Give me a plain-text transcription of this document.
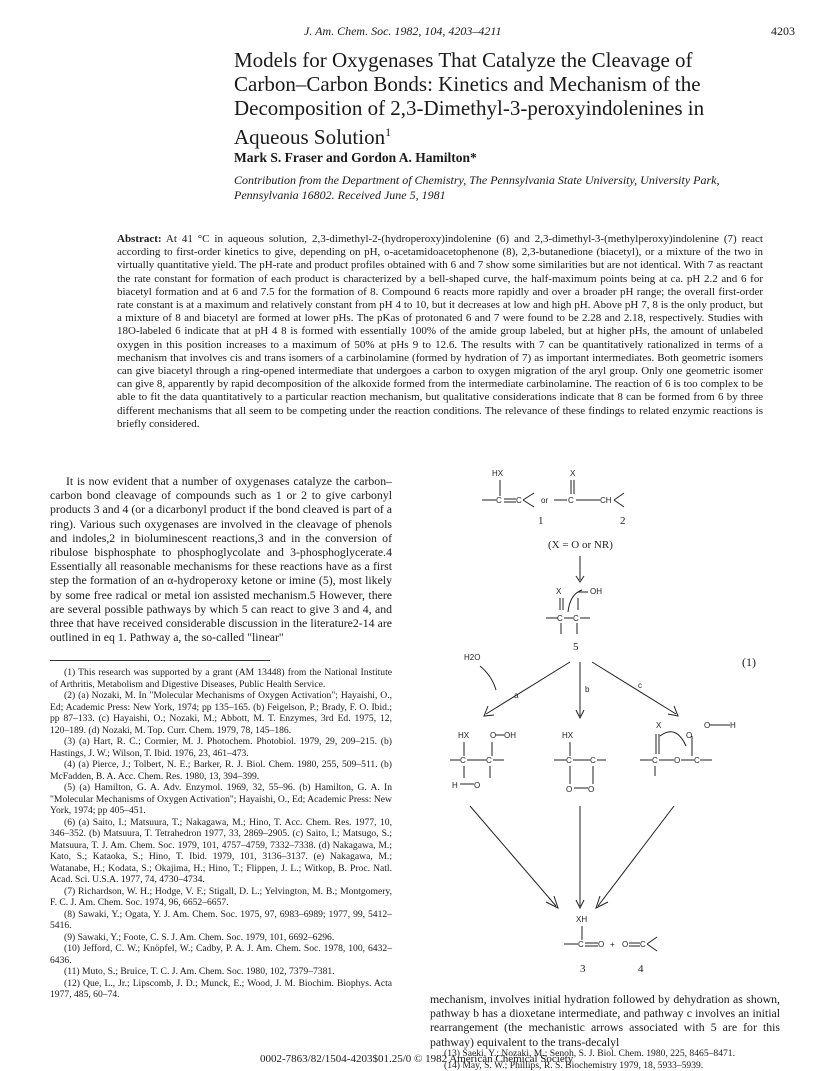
J. Am. Chem. Soc. 1982, 104, 4203–4211	4203
Models for Oxygenases That Catalyze the Cleavage of Carbon–Carbon Bonds: Kinetics and Mechanism of the Decomposition of 2,3-Dimethyl-3-peroxyindolenines in Aqueous Solution$^1$
Mark S. Fraser and Gordon A. Hamilton*
Contribution from the Department of Chemistry, The Pennsylvania State University, University Park, Pennsylvania 16802. Received June 5, 1981
Abstract: At 41 °C in aqueous solution, 2,3-dimethyl-2-(hydroperoxy)indolenine (6) and 2,3-dimethyl-3-(methylperoxy)indolenine (7) react according to first-order kinetics to give, depending on pH, o-acetamidoacetophenone (8), 2,3-butanedione (biacetyl), or a mixture of the two in virtually quantitative yield. The pH-rate and product profiles obtained with 6 and 7 show some similarities but are not identical. With 7 as reactant the rate constant for formation of each product is characterized by a bell-shaped curve, the half-maximum points being at ca. pH 2.2 and 6 for biacetyl formation and at 6 and 7.5 for the formation of 8. Compound 6 reacts more rapidly and over a broader pH range; the overall first-order rate constant is at a maximum and relatively constant from pH 4 to 10, but it decreases at low and high pH. Above pH 7, 8 is the only product, but a mixture of 8 and biacetyl are formed at lower pHs. The pKas of protonated 6 and 7 were found to be 2.28 and 2.18, respectively. Studies with 18O-labeled 6 indicate that at pH 4 8 is formed with essentially 100% of the amide group labeled, but at higher pHs, the amount of unlabeled oxygen in this position increases to a maximum of 50% at pHs 9 to 12.6. The results with 7 can be quantitatively rationalized in terms of a mechanism that involves cis and trans isomers of a carbinolamine (formed by hydration of 7) as important intermediates. Both geometric isomers can give biacetyl through a ring-opened intermediate that undergoes a carbon to oxygen migration of the aryl group. Only one geometric isomer can give 8, apparently by rapid decomposition of the alkoxide formed from the intermediate carbinolamine. The reaction of 6 is too complex to be able to fit the data quantitatively to a particular reaction mechanism, but qualitative considerations indicate that 8 can be formed from 6 by three different mechanisms that all seem to be competing under the reaction conditions. The relevance of these findings to related enzymic reactions is briefly considered.

It is now evident that a number of oxygenases catalyze the carbon–carbon bond cleavage of compounds such as 1 or 2 to give carbonyl products 3 and 4 (or a dicarbonyl product if the bond cleaved is part of a ring). Various such oxygenases are involved in the cleavage of phenols and indoles,2 in bioluminescent reactions,3 and in the conversion of ribulose bisphosphate to phosphoglycolate and 3-phosphoglycerate.4 Essentially all reasonable mechanisms for these reactions have as a first step the formation of an α-hydroperoxy ketone or imine (5), most likely by some free radical or metal ion assisted mechanism.5 However, there are several possible pathways by which 5 can react to give 3 and 4, and three that have received considerable discussion in the literature2-14 are outlined in eq 1. Pathway a, the so-called "linear"

(1) This research was supported by a grant (AM 13448) from the National Institute of Arthritis, Metabolism and Digestive Diseases, Public Health Service.
(2) (a) Nozaki, M. In "Molecular Mechanisms of Oxygen Activation"; Hayaishi, O., Ed; Academic Press: New York, 1974; pp 135–165. (b) Feigelson, P.; Brady, F. O. Ibid.; pp 87–133. (c) Hayaishi, O.; Nozaki, M.; Abbott, M. T. Enzymes, 3rd Ed. 1975, 12, 120–189. (d) Nozaki, M. Top. Curr. Chem. 1979, 78, 145–186.
(3) (a) Hart, R. C.; Cormier, M. J. Photochem. Photobiol. 1979, 29, 209–215. (b) Hastings, J. W.; Wilson, T. Ibid. 1976, 23, 461–473.
(4) (a) Pierce, J.; Tolbert, N. E.; Barker, R. J. Biol. Chem. 1980, 255, 509–511. (b) McFadden, B. A. Acc. Chem. Res. 1980, 13, 394–399.
(5) (a) Hamilton, G. A. Adv. Enzymol. 1969, 32, 55–96. (b) Hamilton, G. A. In "Molecular Mechanisms of Oxygen Activation"; Hayaishi, O., Ed; Academic Press: New York, 1974; pp 405–451.
(6) (a) Saito, I.; Matsuura, T.; Nakagawa, M.; Hino, T. Acc. Chem. Res. 1977, 10, 346–352. (b) Matsuura, T. Tetrahedron 1977, 33, 2869–2905. (c) Saito, I.; Matsugo, S.; Matsuura, T. J. Am. Chem. Soc. 1979, 101, 4757–4759, 7332–7338. (d) Nakagawa, M.; Kato, S.; Kataoka, S.; Hino, T. Ibid. 1979, 101, 3136–3137. (e) Nakagawa, M.; Watanabe, H.; Kodata, S.; Okajima, H.; Hino, T.; Flippen, J. L.; Witkop, B. Proc. Natl. Acad. Sci. U.S.A. 1977, 74, 4730–4734.
(7) Richardson, W. H.; Hodge, V. F.; Stigall, D. L.; Yelvington, M. B.; Montgomery, F. C. J. Am. Chem. Soc. 1974, 96, 6652–6657.
(8) Sawaki, Y.; Ogata, Y. J. Am. Chem. Soc. 1975, 97, 6983–6989; 1977, 99, 5412–5416.
(9) Sawaki, Y.; Foote, C. S. J. Am. Chem. Soc. 1979, 101, 6692–6296.
(10) Jefford, C. W.; Knöpfel, W.; Cadby, P. A. J. Am. Chem. Soc. 1978, 100, 6432–6436.
(11) Muto, S.; Bruice, T. C. J. Am. Chem. Soc. 1980, 102, 7379–7381.
(12) Que, L., Jr.; Lipscomb, J. D.; Munck, E.; Wood, J. M. Biochim. Biophys. Acta 1977, 485, 60–74.
(1)
HX
C C or
X
C	CH
1	2
(X = O or NR)
X	OH
C C
5
H2O
a
b	c
HX	O OH
C	C
H O
HX
C C
O O
X
O
O H
C O C
XH
C O + O C
3	4
mechanism, involves initial hydration followed by dehydration as shown, pathway b has a dioxetane intermediate, and pathway c involves an initial rearrangement (the mechanistic arrows associated with 5 are for this pathway) equivalent to the trans-decalyl
(13) Saeki, Y.; Nozaki, M.; Senoh, S. J. Biol. Chem. 1980, 225, 8465–8471.
(14) May, S. W.; Phillips, R. S. Biochemistry 1979, 18, 5933–5939.
0002-7863/82/1504-4203$01.25/0 © 1982 American Chemical Society
